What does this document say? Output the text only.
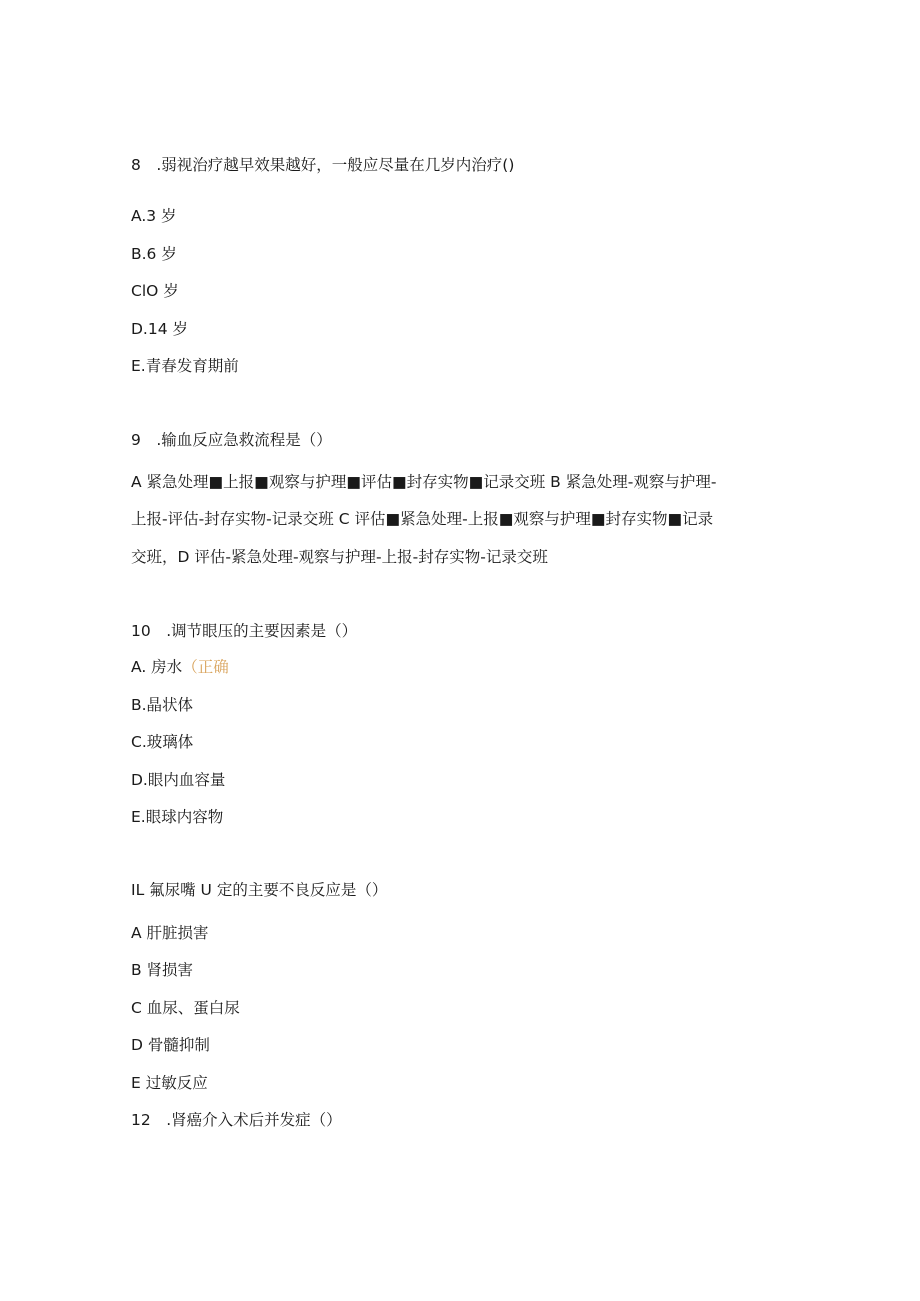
8　.弱视治疗越早效果越好，一般应尽量在几岁内治疗()
A.3 岁
B.6 岁
ClO 岁
D.14 岁
E.青春发育期前
9　.输血反应急救流程是（）
A 紧急处理■上报■观察与护理■评估■封存实物■记录交班 B 紧急处理-观察与护理-
上报-评估-封存实物-记录交班 C 评估■紧急处理-上报■观察与护理■封存实物■记录
交班，D 评估-紧急处理-观察与护理-上报-封存实物-记录交班
10　.调节眼压的主要因素是（）
A. 房水（正确
B.晶状体
C.玻璃体
D.眼内血容量
E.眼球内容物
IL 氟尿嘴 U 定的主要不良反应是（）
A 肝脏损害
B 肾损害
C 血尿、蛋白尿
D 骨髓抑制
E 过敏反应
12　.肾癌介入术后并发症（）
